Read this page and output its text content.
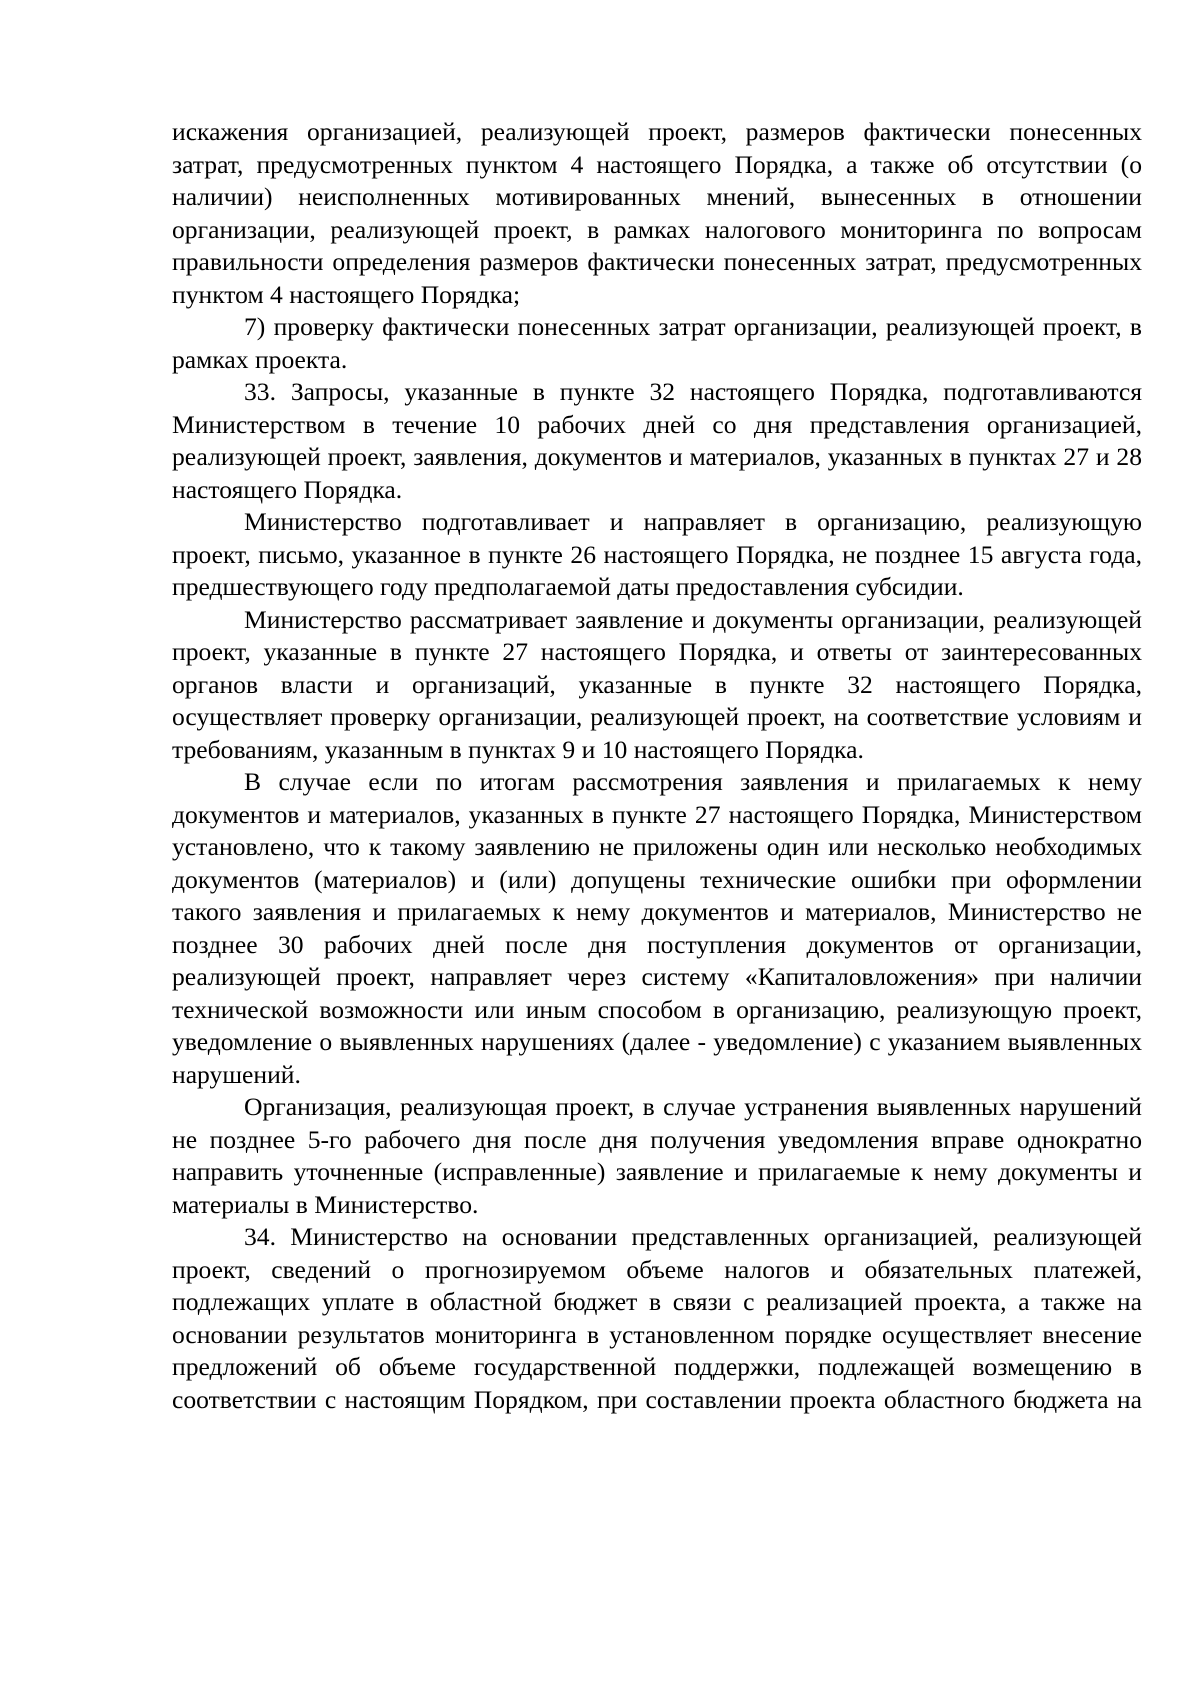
искажения организацией, реализующей проект, размеров фактически понесенных затрат, предусмотренных пунктом 4 настоящего Порядка, а также об отсутствии (о наличии) неисполненных мотивированных мнений, вынесенных в отношении организации, реализующей проект, в рамках налогового мониторинга по вопросам правильности определения размеров фактически понесенных затрат, предусмотренных пунктом 4 настоящего Порядка;

7) проверку фактически понесенных затрат организации, реализующей проект, в рамках проекта.

33. Запросы, указанные в пункте 32 настоящего Порядка, подготавливаются Министерством в течение 10 рабочих дней со дня представления организацией, реализующей проект, заявления, документов и материалов, указанных в пунктах 27 и 28 настоящего Порядка.

Министерство подготавливает и направляет в организацию, реализующую проект, письмо, указанное в пункте 26 настоящего Порядка, не позднее 15 августа года, предшествующего году предполагаемой даты предоставления субсидии.

Министерство рассматривает заявление и документы организации, реализующей проект, указанные в пункте 27 настоящего Порядка, и ответы от заинтересованных органов власти и организаций, указанные в пункте 32 настоящего Порядка, осуществляет проверку организации, реализующей проект, на соответствие условиям и требованиям, указанным в пунктах 9 и 10 настоящего Порядка.

В случае если по итогам рассмотрения заявления и прилагаемых к нему документов и материалов, указанных в пункте 27 настоящего Порядка, Министерством установлено, что к такому заявлению не приложены один или несколько необходимых документов (материалов) и (или) допущены технические ошибки при оформлении такого заявления и прилагаемых к нему документов и материалов, Министерство не позднее 30 рабочих дней после дня поступления документов от организации, реализующей проект, направляет через систему «Капиталовложения» при наличии технической возможности или иным способом в организацию, реализующую проект, уведомление о выявленных нарушениях (далее - уведомление) с указанием выявленных нарушений.

Организация, реализующая проект, в случае устранения выявленных нарушений не позднее 5-го рабочего дня после дня получения уведомления вправе однократно направить уточненные (исправленные) заявление и прилагаемые к нему документы и материалы в Министерство.

34. Министерство на основании представленных организацией, реализующей проект, сведений о прогнозируемом объеме налогов и обязательных платежей, подлежащих уплате в областной бюджет в связи с реализацией проекта, а также на основании результатов мониторинга в установленном порядке осуществляет внесение предложений об объеме государственной поддержки, подлежащей возмещению в соответствии с настоящим Порядком, при составлении проекта областного бюджета на
